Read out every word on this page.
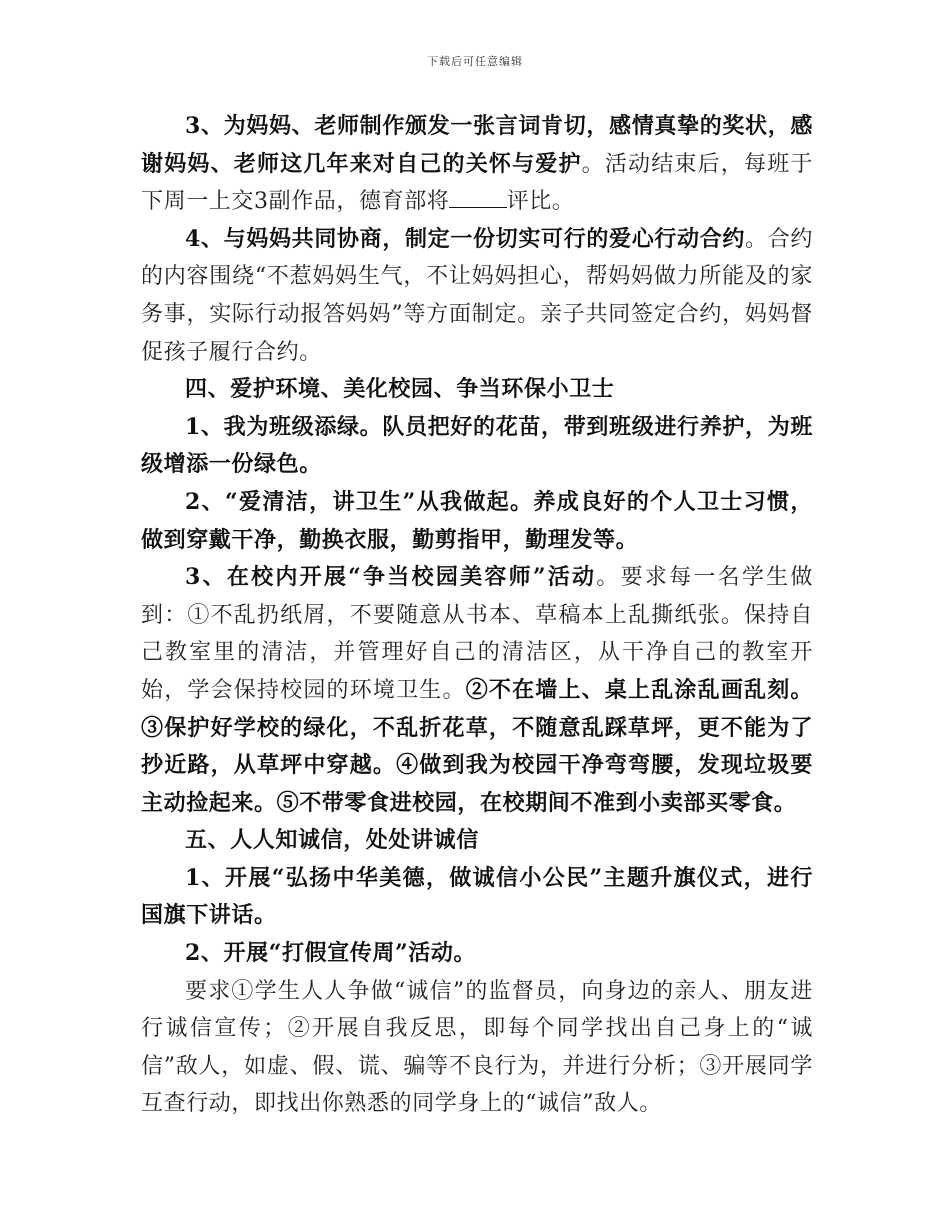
下载后可任意编辑

3、为妈妈、老师制作颁发一张言词肯切，感情真挚的奖状，感谢妈妈、老师这几年来对自己的关怀与爱护。活动结束后，每班于下周一上交3副作品，德育部将	评比。

4、与妈妈共同协商，制定一份切实可行的爱心行动合约。合约的内容围绕“不惹妈妈生气，不让妈妈担心，帮妈妈做力所能及的家务事，实际行动报答妈妈”等方面制定。亲子共同签定合约，妈妈督促孩子履行合约。

四、爱护环境、美化校园、争当环保小卫士

1、我为班级添绿。队员把好的花苗，带到班级进行养护，为班级增添一份绿色。

2、“爱清洁，讲卫生”从我做起。养成良好的个人卫士习惯，做到穿戴干净，勤换衣服，勤剪指甲，勤理发等。

3、在校内开展“争当校园美容师”活动。要求每一名学生做到：①不乱扔纸屑，不要随意从书本、草稿本上乱撕纸张。保持自己教室里的清洁，并管理好自己的清洁区，从干净自己的教室开始，学会保持校园的环境卫生。②不在墙上、桌上乱涂乱画乱刻。③保护好学校的绿化，不乱折花草，不随意乱踩草坪，更不能为了抄近路，从草坪中穿越。④做到我为校园干净弯弯腰，发现垃圾要主动捡起来。⑤不带零食进校园，在校期间不准到小卖部买零食。

五、人人知诚信，处处讲诚信

1、开展“弘扬中华美德，做诚信小公民”主题升旗仪式，进行国旗下讲话。

2、开展“打假宣传周”活动。

要求①学生人人争做“诚信”的监督员，向身边的亲人、朋友进行诚信宣传；②开展自我反思，即每个同学找出自己身上的“诚信”敌人，如虚、假、谎、骗等不良行为，并进行分析；③开展同学互查行动，即找出你熟悉的同学身上的“诚信”敌人。
